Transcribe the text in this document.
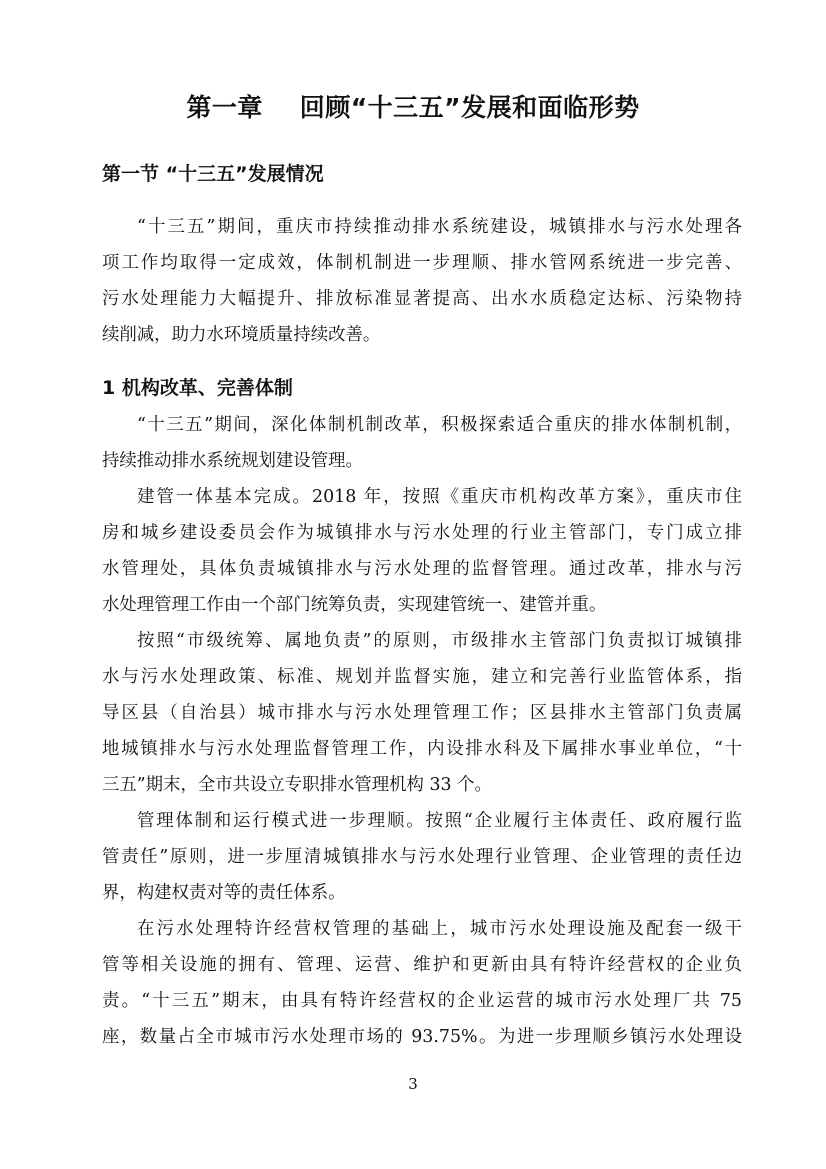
第一章    回顾“十三五”发展和面临形势
第一节 “十三五”发展情况
“十三五”期间，重庆市持续推动排水系统建设，城镇排水与污水处理各
项工作均取得一定成效，体制机制进一步理顺、排水管网系统进一步完善、
污水处理能力大幅提升、排放标准显著提高、出水水质稳定达标、污染物持
续削减，助力水环境质量持续改善。
1 机构改革、完善体制
“十三五”期间，深化体制机制改革，积极探索适合重庆的排水体制机制，
持续推动排水系统规划建设管理。
建管一体基本完成。2018 年，按照《重庆市机构改革方案》，重庆市住
房和城乡建设委员会作为城镇排水与污水处理的行业主管部门，专门成立排
水管理处，具体负责城镇排水与污水处理的监督管理。通过改革，排水与污
水处理管理工作由一个部门统筹负责，实现建管统一、建管并重。
按照“市级统筹、属地负责”的原则，市级排水主管部门负责拟订城镇排
水与污水处理政策、标准、规划并监督实施，建立和完善行业监管体系，指
导区县（自治县）城市排水与污水处理管理工作；区县排水主管部门负责属
地城镇排水与污水处理监督管理工作，内设排水科及下属排水事业单位，“十
三五”期末，全市共设立专职排水管理机构 33 个。
管理体制和运行模式进一步理顺。按照“企业履行主体责任、政府履行监
管责任”原则，进一步厘清城镇排水与污水处理行业管理、企业管理的责任边
界，构建权责对等的责任体系。
在污水处理特许经营权管理的基础上，城市污水处理设施及配套一级干
管等相关设施的拥有、管理、运营、维护和更新由具有特许经营权的企业负
责。“十三五”期末，由具有特许经营权的企业运营的城市污水处理厂共 75
座，数量占全市城市污水处理市场的 93.75%。为进一步理顺乡镇污水处理设
3
